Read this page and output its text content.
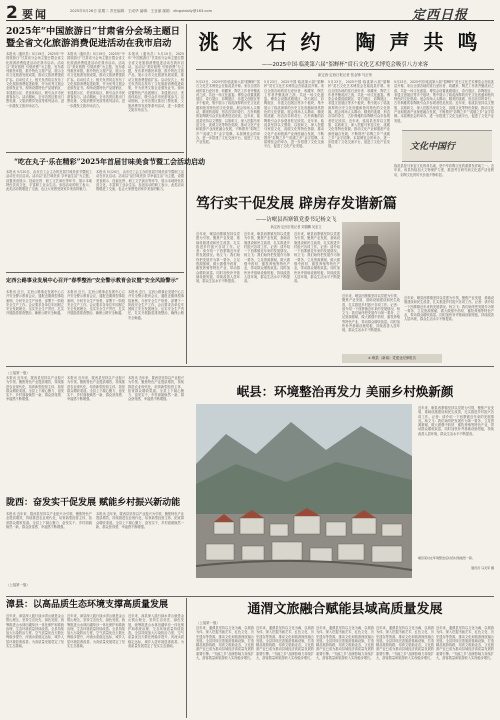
2 要闻	2025年5月26日 星期二 责任编辑：王成华 编辑：王亚丽 邮箱：dingxidaily@163.com	定西日报
2025年“中国旅游日”甘肃省分会场主题日
暨全省文化旅游消费促进活动在我市启动
本报讯（通讯员）5月19日，2025年“中国旅游日”甘肃省分会场主题日暨全省文化旅游消费促进活动在我市启动。活动以“美好旅程 引领消费”为主题，发布系列惠民举措，推介特色文旅产品，展示全市文化旅游发展成果，推动文旅消费提质扩容。启动仪式上，相关负责同志发布了文化旅游消费促进政策，并为优秀文旅企业颁发证书。现场设置特色产品展销区、非遗展示区、美食体验区，吸引众多市民游客参与。活动期间，全市各景区推出门票优惠、文旅消费券发放等系列活动，进一步激发文旅市场活力。
本报讯（通讯员）5月19日，2025年“中国旅游日”甘肃省分会场主题日暨全省文化旅游消费促进活动在我市启动。活动以“美好旅程 引领消费”为主题，发布系列惠民举措，推介特色文旅产品，展示全市文化旅游发展成果，推动文旅消费提质扩容。启动仪式上，相关负责同志发布了文化旅游消费促进政策，并为优秀文旅企业颁发证书。现场设置特色产品展销区、非遗展示区、美食体验区，吸引众多市民游客参与。活动期间，全市各景区推出门票优惠、文旅消费券发放等系列活动，进一步激发文旅市场活力。
本报讯（通讯员）5月19日，2025年“中国旅游日”甘肃省分会场主题日暨全省文化旅游消费促进活动在我市启动。活动以“美好旅程 引领消费”为主题，发布系列惠民举措，推介特色文旅产品，展示全市文化旅游发展成果，推动文旅消费提质扩容。启动仪式上，相关负责同志发布了文化旅游消费促进政策，并为优秀文旅企业颁发证书。现场设置特色产品展销区、非遗展示区、美食体验区，吸引众多市民游客参与。活动期间，全市各景区推出门票优惠、文旅消费券发放等系列活动，进一步激发文旅市场活力。
“吃在丸子·乐在精彩”2025年首届甘味美食节暨工会活动启动
本报讯 5月20日，由市总工会主办的首届甘味美食节暨职工活动在市区启动。活动以“品甘味美食 享幸福生活”为主题，设置美食展示、技能比拼、职工文艺演出等环节，展示本地特色饮食文化，丰富职工业余生活。参加活动的职工表示，此类活动既增进了交流，也让大家感受到家乡美食的魅力。
本报讯 5月20日，由市总工会主办的首届甘味美食节暨职工活动在市区启动。活动以“品甘味美食 享幸福生活”为主题，设置美食展示、技能比拼、职工文艺演出等环节，展示本地特色饮食文化，丰富职工业余生活。参加活动的职工表示，此类活动既增进了交流，也让大家感受到家乡美食的魅力。
定西公路事业发展中心召开“春季整治”安全警示教育会议暨“安全风险警示”
本报讯 近日，定西公路事业发展中心召开安全警示教育会议，通报近期典型事故案例，分析安全生产形势，部署下一阶段安全生产工作。会议要求各单位牢固树立安全发展理念，压实安全生产责任，扎实开展隐患排查整治，确保公路安全畅通。
本报讯 近日，定西公路事业发展中心召开安全警示教育会议，通报近期典型事故案例，分析安全生产形势，部署下一阶段安全生产工作。会议要求各单位牢固树立安全发展理念，压实安全生产责任，扎实开展隐患排查整治，确保公路安全畅通。
本报讯 近日，定西公路事业发展中心召开安全警示教育会议，通报近期典型事故案例，分析安全生产形势，部署下一阶段安全生产工作。会议要求各单位牢固树立安全发展理念，压实安全生产责任，扎实开展隐患排查整治，确保公路安全畅通。
洮水石约 陶声共鸣
——2025中国·临洮第六届“貂蝉杯”赏石文化艺术博览会吸引八方来客
新定西·定西日报记者 张金锋 马正荣
5月23日，2025中国·临洮第六届“貂蝉杯”赏石文化艺术博览会在临洮县开幕。来自全国各地的赏石爱好者、收藏家、陶艺工作者齐聚洮河之滨，共赴一场文化盛宴。博览会设置洮砚展区、奇石展区、彩陶展区、非遗文创展区等多个板块，集中展示了临洮深厚的历史文化底蕴和独具特色的文化资源。展会现场人头攒动，精美的洮砚、形态各异的奇石、古朴典雅的彩陶吸引众多参观者驻足欣赏。近年来，临洮县坚持以文塑旅、以旅彰文，深入挖掘马家窑文化、洮砚文化等特色资源，推动文化产业和旅游产业深度融合发展，不断擦亮“彩陶之乡”“洮砚之乡”金字招牌。本届博览会的举办，进一步搭建了文化交流平台，促进了文化产业发展。
5月23日，2025中国·临洮第六届“貂蝉杯”赏石文化艺术博览会在临洮县开幕。来自全国各地的赏石爱好者、收藏家、陶艺工作者齐聚洮河之滨，共赴一场文化盛宴。博览会设置洮砚展区、奇石展区、彩陶展区、非遗文创展区等多个板块，集中展示了临洮深厚的历史文化底蕴和独具特色的文化资源。展会现场人头攒动，精美的洮砚、形态各异的奇石、古朴典雅的彩陶吸引众多参观者驻足欣赏。近年来，临洮县坚持以文塑旅、以旅彰文，深入挖掘马家窑文化、洮砚文化等特色资源，推动文化产业和旅游产业深度融合发展，不断擦亮“彩陶之乡”“洮砚之乡”金字招牌。本届博览会的举办，进一步搭建了文化交流平台，促进了文化产业发展。
5月23日，2025中国·临洮第六届“貂蝉杯”赏石文化艺术博览会在临洮县开幕。来自全国各地的赏石爱好者、收藏家、陶艺工作者齐聚洮河之滨，共赴一场文化盛宴。博览会设置洮砚展区、奇石展区、彩陶展区、非遗文创展区等多个板块，集中展示了临洮深厚的历史文化底蕴和独具特色的文化资源。展会现场人头攒动，精美的洮砚、形态各异的奇石、古朴典雅的彩陶吸引众多参观者驻足欣赏。近年来，临洮县坚持以文塑旅、以旅彰文，深入挖掘马家窑文化、洮砚文化等特色资源，推动文化产业和旅游产业深度融合发展，不断擦亮“彩陶之乡”“洮砚之乡”金字招牌。本届博览会的举办，进一步搭建了文化交流平台，促进了文化产业发展。
5月23日，2025中国·临洮第六届“貂蝉杯”赏石文化艺术博览会在临洮县开幕。来自全国各地的赏石爱好者、收藏家、陶艺工作者齐聚洮河之滨，共赴一场文化盛宴。博览会设置洮砚展区、奇石展区、彩陶展区、非遗文创展区等多个板块，集中展示了临洮深厚的历史文化底蕴和独具特色的文化资源。展会现场人头攒动，精美的洮砚、形态各异的奇石、古朴典雅的彩陶吸引众多参观者驻足欣赏。近年来，临洮县坚持以文塑旅、以旅彰文，深入挖掘马家窑文化、洮砚文化等特色资源，推动文化产业和旅游产业深度融合发展，不断擦亮“彩陶之乡”“洮砚之乡”金字招牌。本届博览会的举办，进一步搭建了文化交流平台，促进了文化产业发展。
文化中国行
临洮县是马家窑文化的命名地，是中华彩陶文化的重要发祥地之一。近年来，该县持续加大文物保护力度，推进考古研究和文化遗产活化利用，彩陶文化的时代价值不断彰显。
笃行实干促发展 辟房存发谐新篇
——访岷县西寨镇党委书记杨文飞
新定西·定西日报记者 刘德麟 吴亚文
近年来，岷县西寨镇坚持以党建为引领，聚焦产业发展、基础设施建设和民生改善，扎实推进乡村振兴各项工作。记者：请介绍一下西寨镇近年来的发展情况。杨文飞：我们始终把发展作为第一要务，立足资源禀赋，做大做强中药材、畜牧养殖等特色产业，带动群众增收致富。同时加快补齐基础设施短板，持续改善人居环境，群众生活水平不断提高。
近年来，岷县西寨镇坚持以党建为引领，聚焦产业发展、基础设施建设和民生改善，扎实推进乡村振兴各项工作。记者：请介绍一下西寨镇近年来的发展情况。杨文飞：我们始终把发展作为第一要务，立足资源禀赋，做大做强中药材、畜牧养殖等特色产业，带动群众增收致富。同时加快补齐基础设施短板，持续改善人居环境，群众生活水平不断提高。
近年来，岷县西寨镇坚持以党建为引领，聚焦产业发展、基础设施建设和民生改善，扎实推进乡村振兴各项工作。记者：请介绍一下西寨镇近年来的发展情况。杨文飞：我们始终把发展作为第一要务，立足资源禀赋，做大做强中药材、畜牧养殖等特色产业，带动群众增收致富。同时加快补齐基础设施短板，持续改善人居环境，群众生活水平不断提高。
近年来，岷县西寨镇坚持以党建为引领，聚焦产业发展、基础设施建设和民生改善，扎实推进乡村振兴各项工作。记者：请介绍一下西寨镇近年来的发展情况。杨文飞：我们始终把发展作为第一要务，立足资源禀赋，做大做强中药材、畜牧养殖等特色产业，带动群众增收致富。同时加快补齐基础设施短板，持续改善人居环境，群众生活水平不断提高。
近年来，岷县西寨镇坚持以党建为引领，聚焦产业发展、基础设施建设和民生改善，扎实推进乡村振兴各项工作。记者：请介绍一下西寨镇近年来的发展情况。杨文飞：我们始终把发展作为第一要务，立足资源禀赋，做大做强中药材、畜牧养殖等特色产业，带动群众增收致富。同时加快补齐基础设施短板，持续改善人居环境，群众生活水平不断提高。
② 岷县（新闻）党建业纪律报告
（上接第一版）
本报讯 近年来，陇西县坚持以产业振兴为引领，聚焦特色产业提质增效，持续推进农业现代化，培育新型经营主体，拓宽群众增收渠道。全县上下凝心聚力、奋发实干，乡村面貌焕然一新，群众获得感、幸福感不断增强。
本报讯 近年来，陇西县坚持以产业振兴为引领，聚焦特色产业提质增效，持续推进农业现代化，培育新型经营主体，拓宽群众增收渠道。全县上下凝心聚力、奋发实干，乡村面貌焕然一新，群众获得感、幸福感不断增强。
本报讯 近年来，陇西县坚持以产业振兴为引领，聚焦特色产业提质增效，持续推进农业现代化，培育新型经营主体，拓宽群众增收渠道。全县上下凝心聚力、奋发实干，乡村面貌焕然一新，群众获得感、幸福感不断增强。
陇西：奋发实干促发展 赋能乡村振兴新动能
本报讯 近年来，陇西县坚持以产业振兴为引领，聚焦特色产业提质增效，持续推进农业现代化，培育新型经营主体，拓宽群众增收渠道。全县上下凝心聚力、奋发实干，乡村面貌焕然一新，群众获得感、幸福感不断增强。
本报讯 近年来，陇西县坚持以产业振兴为引领，聚焦特色产业提质增效，持续推进农业现代化，培育新型经营主体，拓宽群众增收渠道。全县上下凝心聚力、奋发实干，乡村面貌焕然一新，群众获得感、幸福感不断增强。
岷县：环境整治再发力 美丽乡村焕新颜
近年来，岷县西寨镇坚持以党建为引领，聚焦产业发展、基础设施建设和民生改善，扎实推进乡村振兴各项工作。记者：请介绍一下西寨镇近年来的发展情况。杨文飞：我们始终把发展作为第一要务，立足资源禀赋，做大做强中药材、畜牧养殖等特色产业，带动群众增收致富。同时加快补齐基础设施短板，持续改善人居环境，群众生活水平不断提高。
岷县某村庄环境整治后村容村貌焕然一新。
通讯员 马灵军 摄
（上接第一版）
漳县：以高品质生态环境支撑高质量发展
近年来，漳县深入践行绿水青山就是金山银山理念，坚持生态优先、绿色发展，统筹推进山水林田湖草沙一体化保护和系统治理，生态环境质量持续改善。全县持续加大污染防治力度，空气质量优良天数比例稳步提升，河流水质稳定达标，城乡人居环境显著改善，为高质量发展奠定了坚实生态基础。
近年来，漳县深入践行绿水青山就是金山银山理念，坚持生态优先、绿色发展，统筹推进山水林田湖草沙一体化保护和系统治理，生态环境质量持续改善。全县持续加大污染防治力度，空气质量优良天数比例稳步提升，河流水质稳定达标，城乡人居环境显著改善，为高质量发展奠定了坚实生态基础。
近年来，漳县深入践行绿水青山就是金山银山理念，坚持生态优先、绿色发展，统筹推进山水林田湖草沙一体化保护和系统治理，生态环境质量持续改善。全县持续加大污染防治力度，空气质量优良天数比例稳步提升，河流水质稳定达标，城乡人居环境显著改善，为高质量发展奠定了坚实生态基础。
通渭文旅融合赋能县域高质量发展
（上接第一版）
近年来，通渭县坚持以文化为魂、以旅游为体，深入挖掘书画艺术、红色文化、历史遗存等资源，推动文化和旅游深度融合发展。全县持续完善旅游基础设施，打造精品旅游线路，培育文旅新业态，文化旅游产业已成为推动县域经济高质量发展的重要引擎。“书画之乡”品牌影响力持续扩大，游客数量和旅游收入实现稳步增长。
近年来，通渭县坚持以文化为魂、以旅游为体，深入挖掘书画艺术、红色文化、历史遗存等资源，推动文化和旅游深度融合发展。全县持续完善旅游基础设施，打造精品旅游线路，培育文旅新业态，文化旅游产业已成为推动县域经济高质量发展的重要引擎。“书画之乡”品牌影响力持续扩大，游客数量和旅游收入实现稳步增长。
近年来，通渭县坚持以文化为魂、以旅游为体，深入挖掘书画艺术、红色文化、历史遗存等资源，推动文化和旅游深度融合发展。全县持续完善旅游基础设施，打造精品旅游线路，培育文旅新业态，文化旅游产业已成为推动县域经济高质量发展的重要引擎。“书画之乡”品牌影响力持续扩大，游客数量和旅游收入实现稳步增长。
近年来，通渭县坚持以文化为魂、以旅游为体，深入挖掘书画艺术、红色文化、历史遗存等资源，推动文化和旅游深度融合发展。全县持续完善旅游基础设施，打造精品旅游线路，培育文旅新业态，文化旅游产业已成为推动县域经济高质量发展的重要引擎。“书画之乡”品牌影响力持续扩大，游客数量和旅游收入实现稳步增长。
近年来，通渭县坚持以文化为魂、以旅游为体，深入挖掘书画艺术、红色文化、历史遗存等资源，推动文化和旅游深度融合发展。全县持续完善旅游基础设施，打造精品旅游线路，培育文旅新业态，文化旅游产业已成为推动县域经济高质量发展的重要引擎。“书画之乡”品牌影响力持续扩大，游客数量和旅游收入实现稳步增长。
